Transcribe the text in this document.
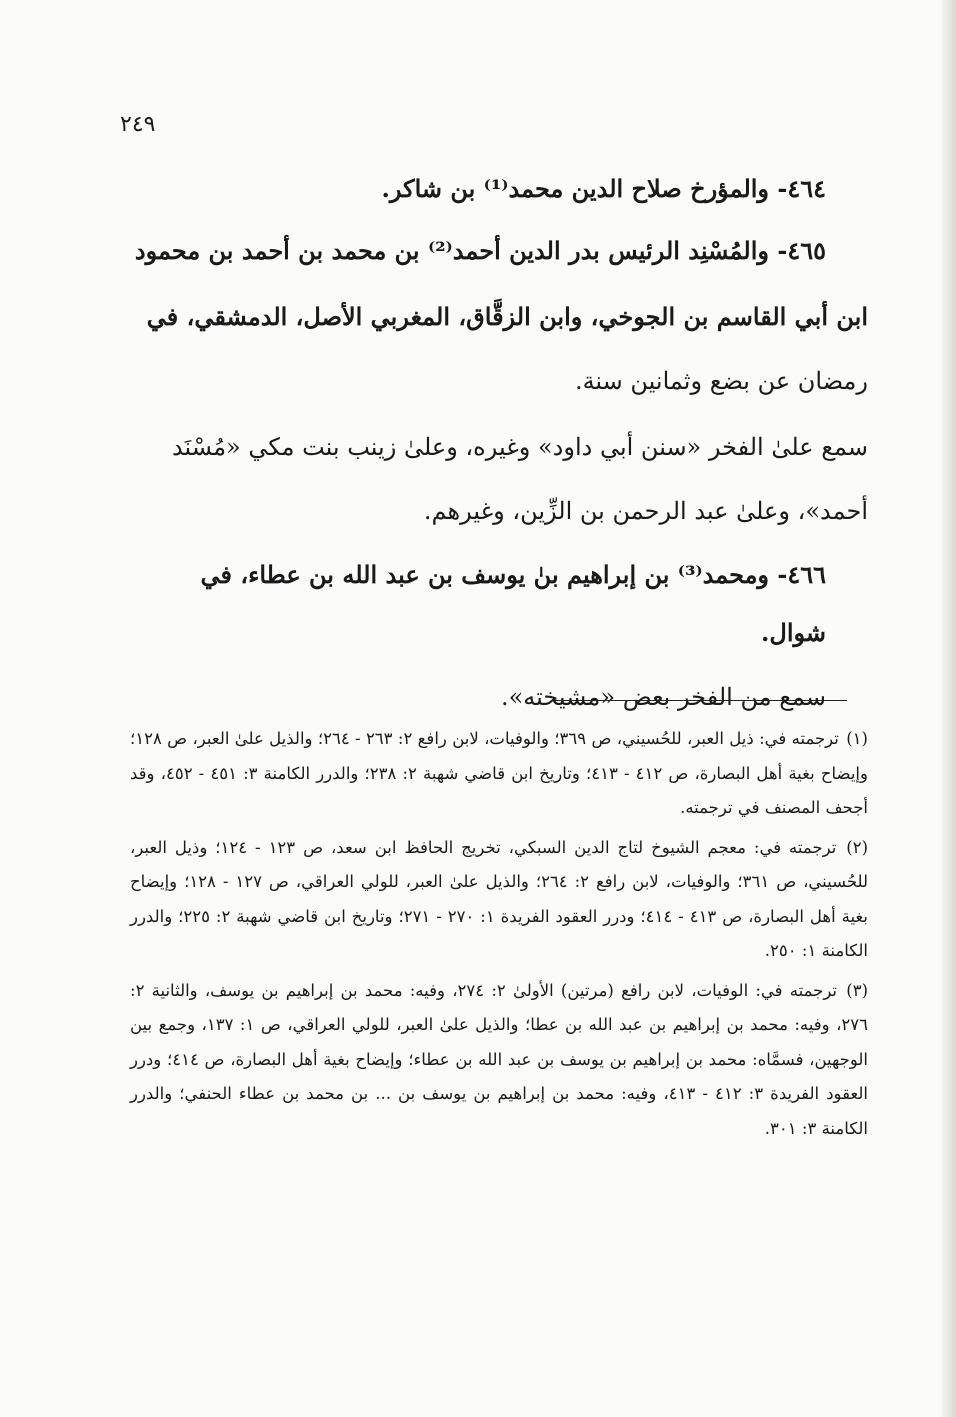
٢٤٩

٤٦٤- والمؤرخ صلاح الدين محمد⁽¹⁾ بن شاكر.

٤٦٥- والمُسْنِد الرئيس بدر الدين أحمد⁽²⁾ بن محمد بن أحمد بن محمود

ابن أبي القاسم بن الجوخي، وابن الزقَّاق، المغربي الأصل، الدمشقي، في

رمضان عن بضع وثمانين سنة.

سمع علىٰ الفخر «سنن أبي داود» وغيره، وعلىٰ زينب بنت مكي «مُسْنَد

أحمد»، وعلىٰ عبد الرحمن بن الزِّين، وغيرهم.

٤٦٦- ومحمد⁽³⁾ بن إبراهيم بنٰ يوسف بن عبد الله بن عطاء، في شوال.

سمع من الفخر بعض «مشيخته».

(١) ترجمته في: ذيل العبر، للحُسيني، ص ٣٦٩؛ والوفيات، لابن رافع ٢: ٢٦٣ - ٢٦٤؛ والذيل علىٰ العبر، ص ١٢٨؛ وإيضاح بغية أهل البصارة، ص ٤١٢ - ٤١٣؛ وتاريخ ابن قاضي شهبة ٢: ٢٣٨؛ والدرر الكامنة ٣: ٤٥١ - ٤٥٢، وقد أجحف المصنف في ترجمته.

(٢) ترجمته في: معجم الشيوخ لتاج الدين السبكي، تخريج الحافظ ابن سعد، ص ١٢٣ - ١٢٤؛ وذيل العبر، للحُسيني، ص ٣٦١؛ والوفيات، لابن رافع ٢: ٢٦٤؛ والذيل علىٰ العبر، للولي العراقي، ص ١٢٧ - ١٢٨؛ وإيضاح بغية أهل البصارة، ص ٤١٣ - ٤١٤؛ ودرر العقود الفريدة ١: ٢٧٠ - ٢٧١؛ وتاريخ ابن قاضي شهبة ٢: ٢٢٥؛ والدرر الكامنة ١: ٢٥٠.

(٣) ترجمته في: الوفيات، لابن رافع (مرتين) الأولىٰ ٢: ٢٧٤، وفيه: محمد بن إبراهيم بن يوسف، والثانية ٢: ٢٧٦، وفيه: محمد بن إبراهيم بن عبد الله بن عطا؛ والذيل علىٰ العبر، للولي العراقي، ص ١: ١٣٧، وجمع بين الوجهين، فسمَّاه: محمد بن إبراهيم بن يوسف بن عبد الله بن عطاء؛ وإيضاح بغية أهل البصارة، ص ٤١٤؛ ودرر العقود الفريدة ٣: ٤١٢ - ٤١٣، وفيه: محمد بن إبراهيم بن يوسف بن ... بن محمد بن عطاء الحنفي؛ والدرر الكامنة ٣: ٣٠١.
